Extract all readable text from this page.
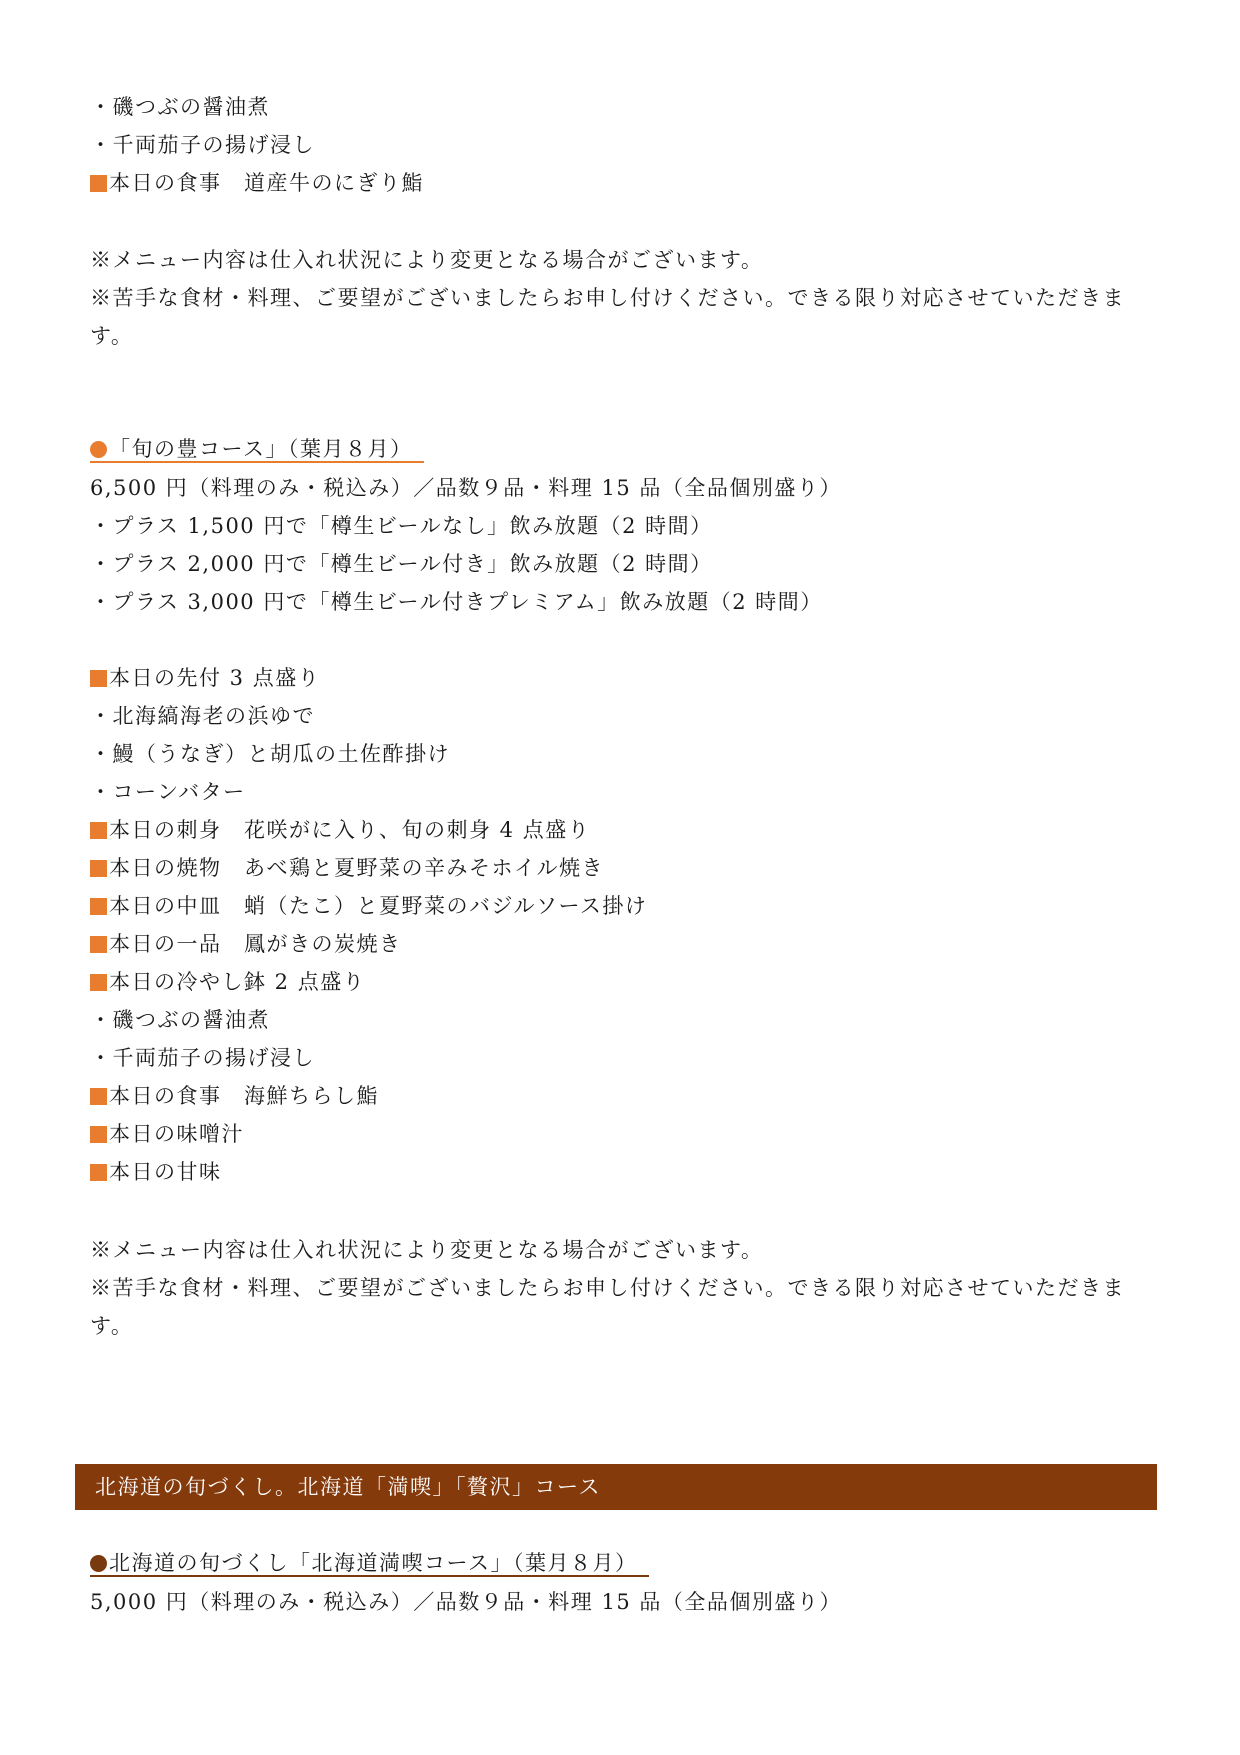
・磯つぶの醤油煮
・千両茄子の揚げ浸し
本日の食事　道産牛のにぎり鮨
※メニュー内容は仕入れ状況により変更となる場合がございます。
※苦手な食材・料理、ご要望がございましたらお申し付けください。できる限り対応させていただきま
す。
「旬の豊コース」（葉月８月）
6,500 円（料理のみ・税込み）／品数９品・料理 15 品（全品個別盛り）
・プラス 1,500 円で「樽生ビールなし」飲み放題（2 時間）
・プラス 2,000 円で「樽生ビール付き」飲み放題（2 時間）
・プラス 3,000 円で「樽生ビール付きプレミアム」飲み放題（2 時間）
本日の先付 3 点盛り
・北海縞海老の浜ゆで
・鰻（うなぎ）と胡瓜の土佐酢掛け
・コーンバター
本日の刺身　花咲がに入り、旬の刺身 4 点盛り
本日の焼物　あべ鶏と夏野菜の辛みそホイル焼き
本日の中皿　蛸（たこ）と夏野菜のバジルソース掛け
本日の一品　鳳がきの炭焼き
本日の冷やし鉢 2 点盛り
・磯つぶの醤油煮
・千両茄子の揚げ浸し
本日の食事　海鮮ちらし鮨
本日の味噌汁
本日の甘味
※メニュー内容は仕入れ状況により変更となる場合がございます。
※苦手な食材・料理、ご要望がございましたらお申し付けください。できる限り対応させていただきま
す。
北海道の旬づくし。北海道「満喫」「贅沢」コース
北海道の旬づくし「北海道満喫コース」（葉月８月）
5,000 円（料理のみ・税込み）／品数９品・料理 15 品（全品個別盛り）
